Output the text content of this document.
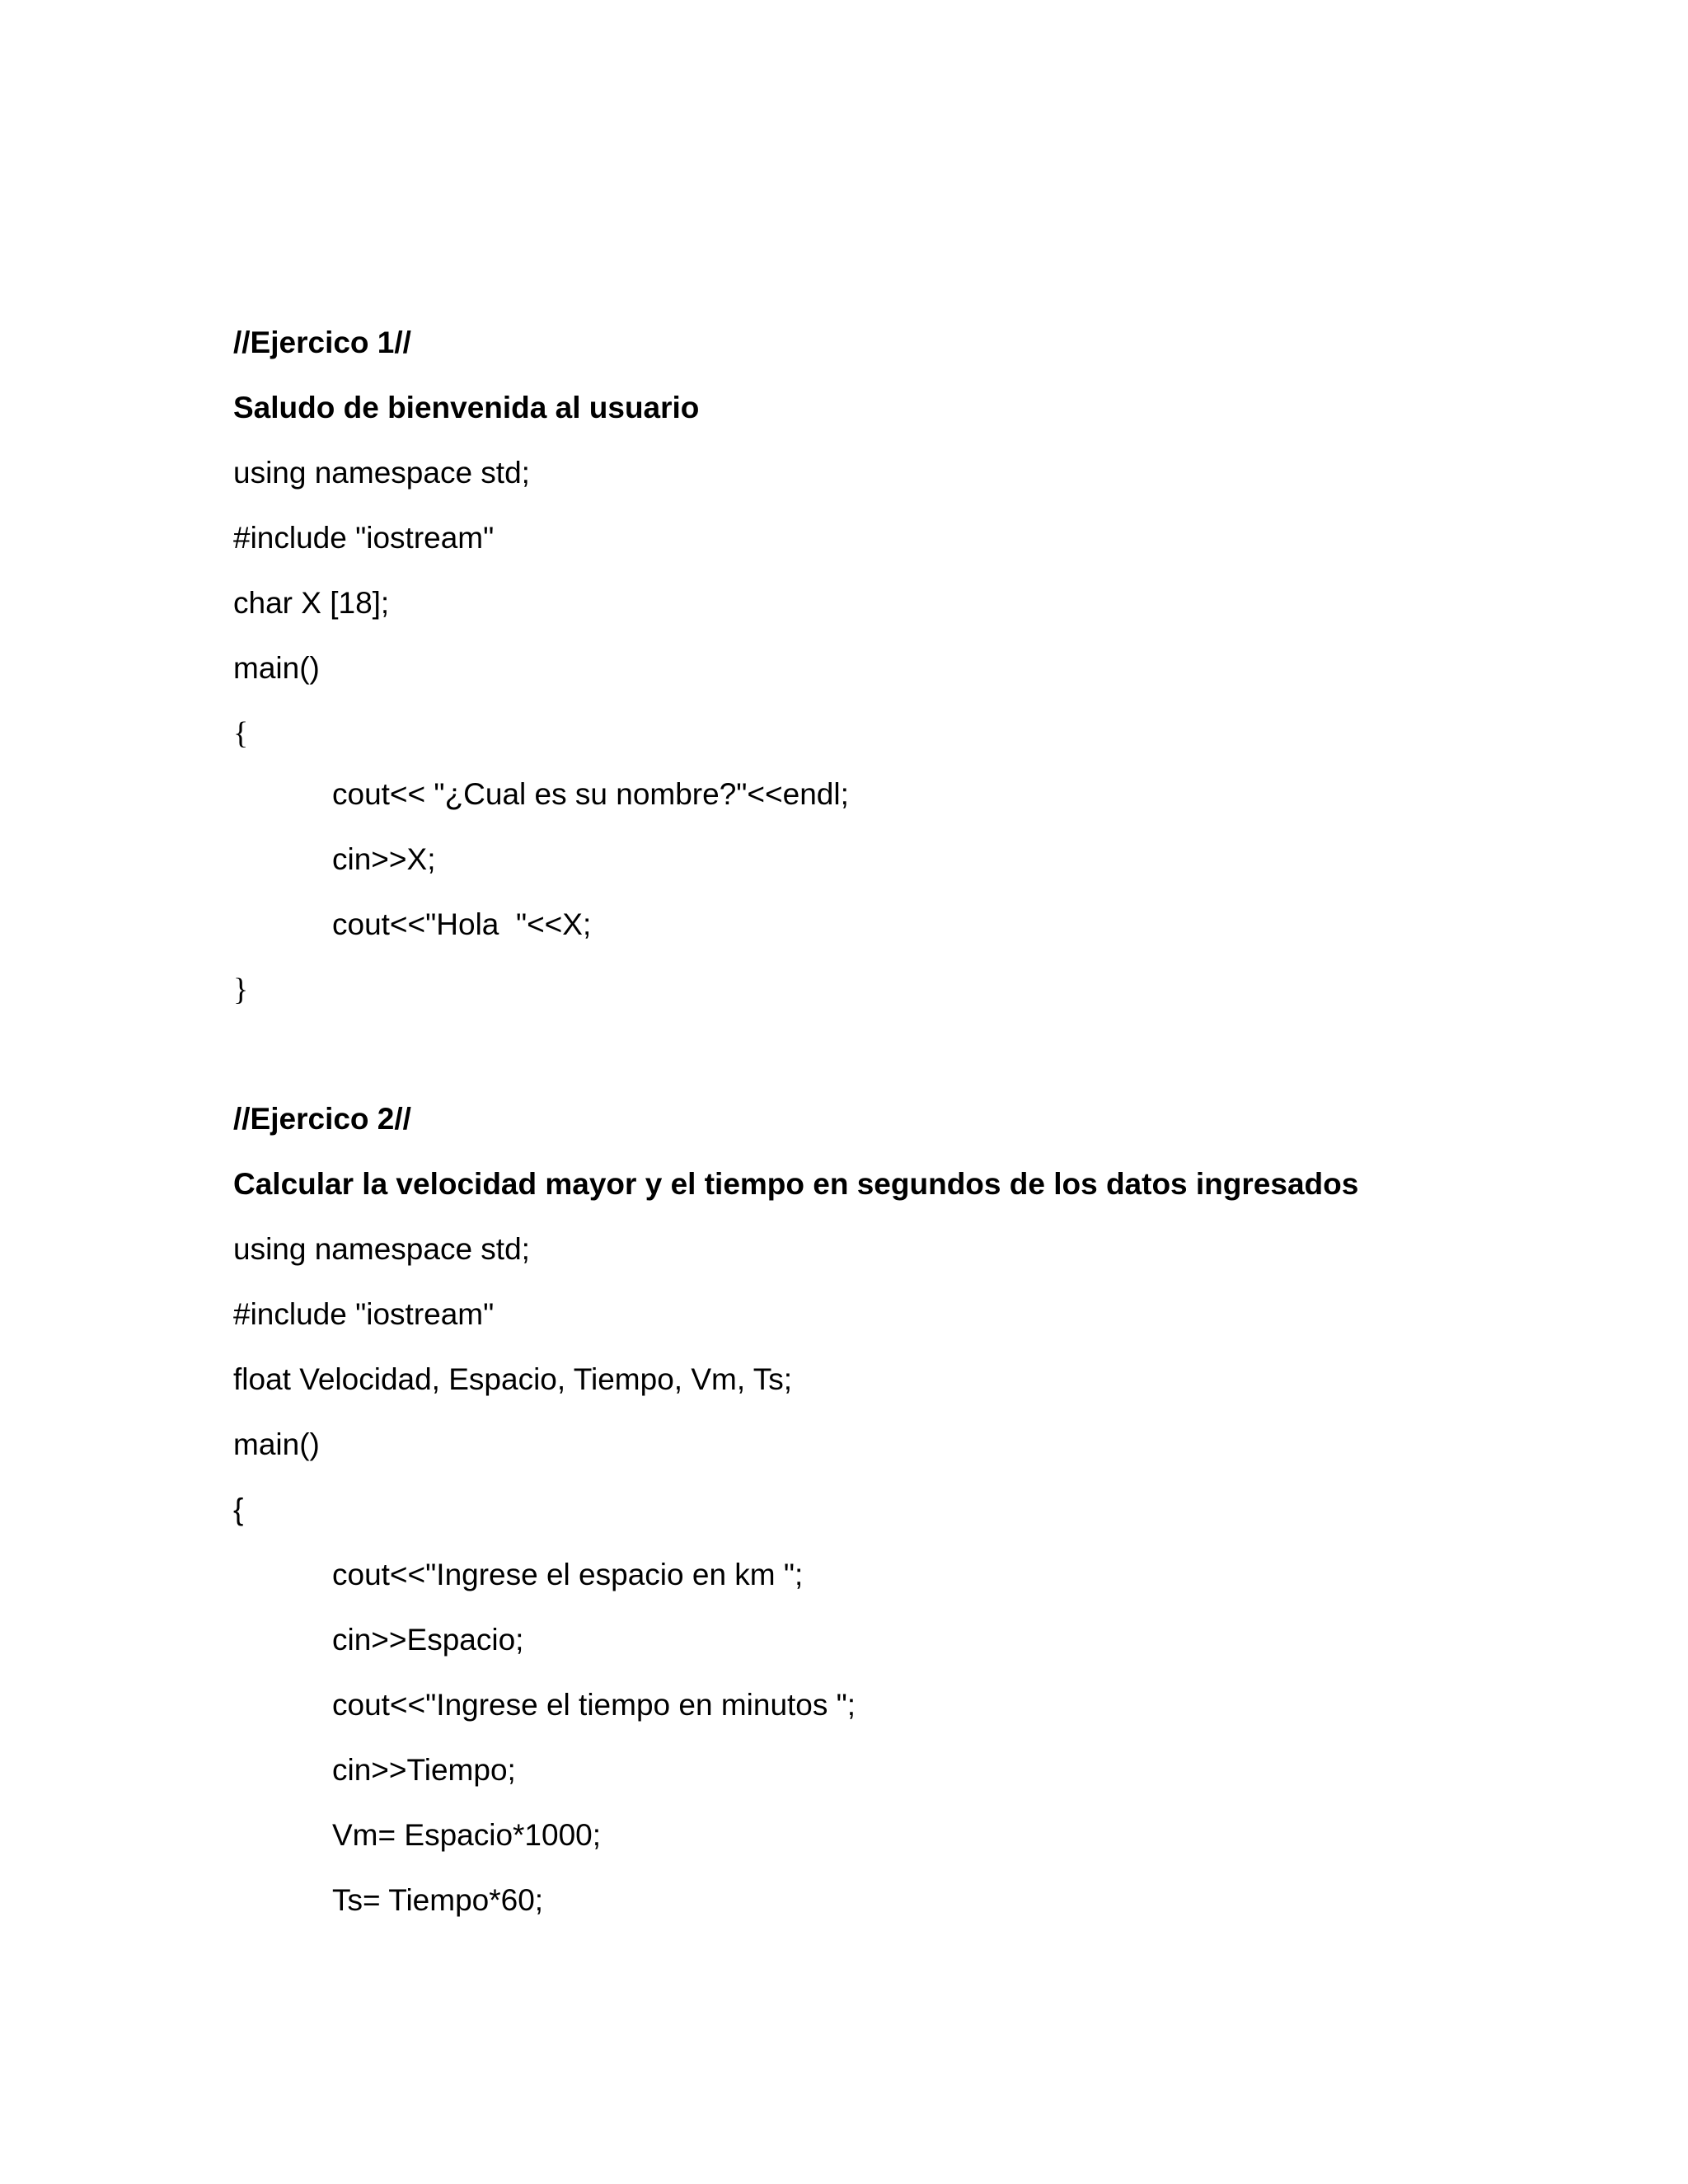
//Ejercico 1//
Saludo de bienvenida al usuario
using namespace std;
#include "iostream"
char X [18];
main()
{
cout<< "¿Cual es su nombre?"<<endl;
cin>>X;
cout<<"Hola  "<<X;
}
//Ejercico 2//
Calcular la velocidad mayor y el tiempo en segundos de los datos ingresados
using namespace std;
#include "iostream"
float Velocidad, Espacio, Tiempo, Vm, Ts;
main()
{
cout<<"Ingrese el espacio en km ";
cin>>Espacio;
cout<<"Ingrese el tiempo en minutos ";
cin>>Tiempo;
Vm= Espacio*1000;
Ts= Tiempo*60;
